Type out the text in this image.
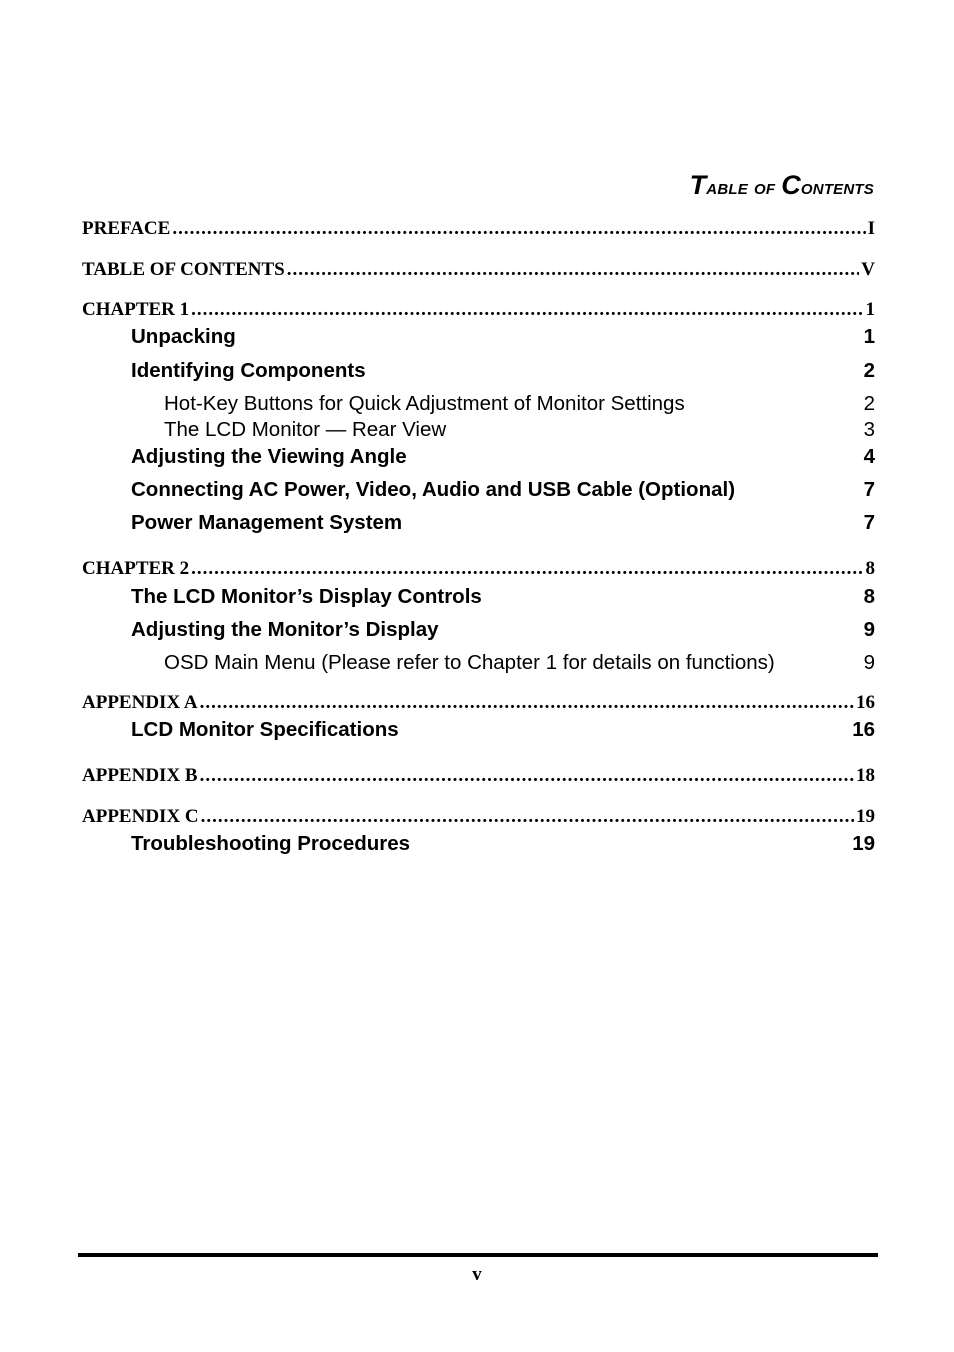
Table of Contents
PREFACE .....	I
TABLE OF CONTENTS .....	V
CHAPTER 1 .....	1
Unpacking	1
Identifying Components	2
Hot-Key Buttons for Quick Adjustment of Monitor Settings	2
The LCD Monitor — Rear View	3
Adjusting the Viewing Angle	4
Connecting AC Power, Video, Audio and USB Cable (Optional)	7
Power Management System	7
CHAPTER 2 .....	8
The LCD Monitor’s Display Controls	8
Adjusting the Monitor’s Display	9
OSD Main Menu (Please refer to Chapter 1 for details on functions)	9
APPENDIX A .....	16
LCD Monitor Specifications	16
APPENDIX B .....	18
APPENDIX C .....	19
Troubleshooting Procedures	19
v
